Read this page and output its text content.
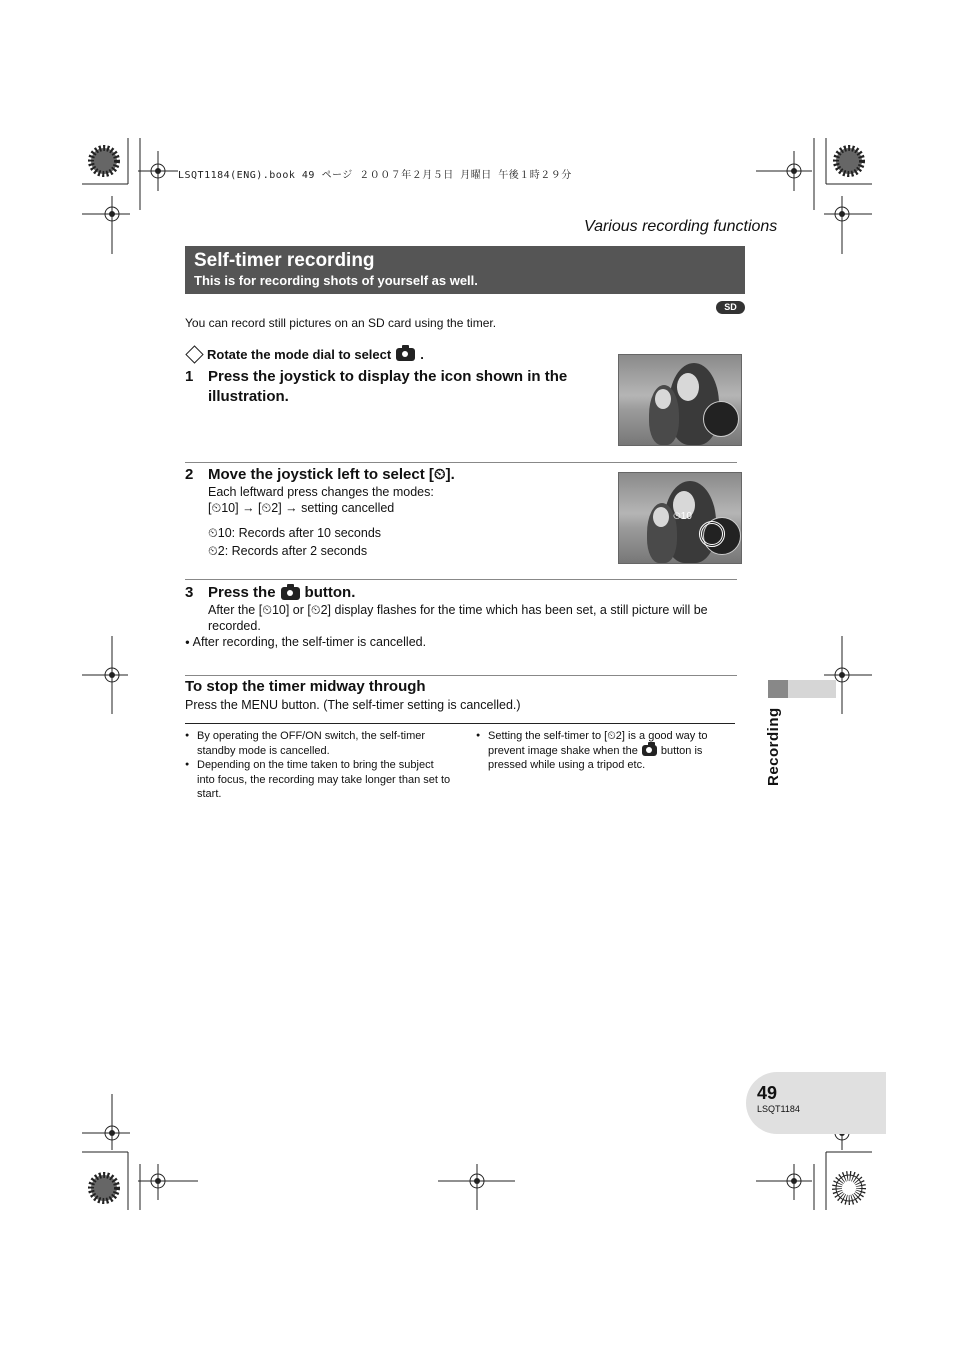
LSQT1184(ENG).book 49 ページ ２００７年２月５日 月曜日 午後１時２９分
Various recording functions
Self-timer recording
This is for recording shots of yourself as well.
SD
You can record still pictures on an SD card using the timer.
Rotate the mode dial to select .
1 Press the joystick to display the icon shown in the
illustration.
2 Move the joystick left to select [⏲].
Each leftward press changes the modes:
[⏲10] → [⏲2] → setting cancelled
⏲10: Records after 10 seconds
⏲2: Records after 2 seconds
⏲10
3 Press the button.
After the [⏲10] or [⏲2] display flashes for the time which has been set, a still picture will be
recorded.
● After recording, the self-timer is cancelled.
To stop the timer midway through
Press the MENU button. (The self-timer setting is cancelled.)
● By operating the OFF/ON switch, the self-timer
standby mode is cancelled.
● Depending on the time taken to bring the subject
into focus, the recording may take longer than set to
start.
● Setting the self-timer to [⏲2] is a good way to
prevent image shake when the button is
pressed while using a tripod etc.	Recording
49
LSQT1184
